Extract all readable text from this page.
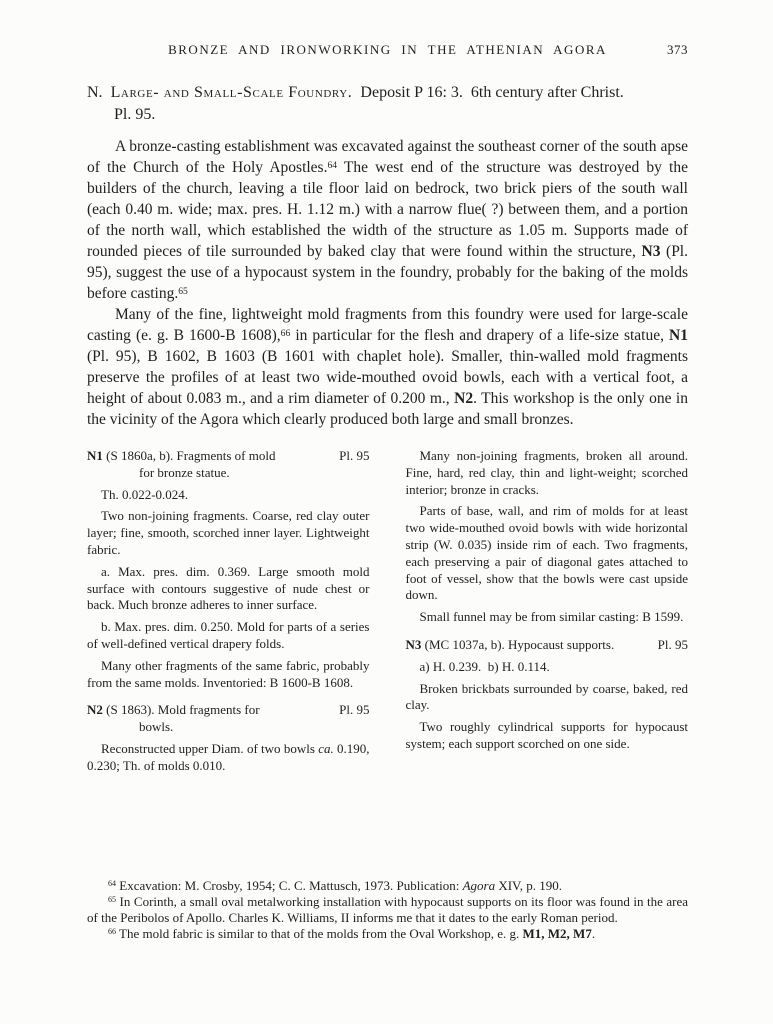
BRONZE AND IRONWORKING IN THE ATHENIAN AGORA	373
N. Large- and Small-Scale Foundry. Deposit P 16: 3. 6th century after Christ.
Pl. 95.

A bronze-casting establishment was excavated against the southeast corner of the south apse of the Church of the Holy Apostles.$^{64}$ The west end of the structure was destroyed by the builders of the church, leaving a tile floor laid on bedrock, two brick piers of the south wall (each 0.40 m. wide; max. pres. H. 1.12 m.) with a narrow flue( ?) between them, and a portion of the north wall, which established the width of the structure as 1.05 m. Supports made of rounded pieces of tile surrounded by baked clay that were found within the structure, N3 (Pl. 95), suggest the use of a hypocaust system in the foundry, probably for the baking of the molds before casting.$^{65}$

Many of the fine, lightweight mold fragments from this foundry were used for large-scale casting (e. g. B 1600-B 1608),$^{66}$ in particular for the flesh and drapery of a life-size statue, N1 (Pl. 95), B 1602, B 1603 (B 1601 with chaplet hole). Smaller, thin-walled mold fragments preserve the profiles of at least two wide-mouthed ovoid bowls, each with a vertical foot, a height of about 0.083 m., and a rim diameter of 0.200 m., N2. This workshop is the only one in the vicinity of the Agora which clearly produced both large and small bronzes.

N1 (S 1860a, b). Fragments of mold	Pl. 95
for bronze statue.

Th. 0.022-0.024.

Two non-joining fragments. Coarse, red clay outer layer; fine, smooth, scorched inner layer. Lightweight fabric.

a. Max. pres. dim. 0.369. Large smooth mold surface with contours suggestive of nude chest or back. Much bronze adheres to inner surface.

b. Max. pres. dim. 0.250. Mold for parts of a series of well-defined vertical drapery folds.

Many other fragments of the same fabric, probably from the same molds. Inventoried: B 1600-B 1608.

N2 (S 1863). Mold fragments for	Pl. 95
bowls.

Reconstructed upper Diam. of two bowls ca. 0.190, 0.230; Th. of molds 0.010.

Many non-joining fragments, broken all around. Fine, hard, red clay, thin and light-weight; scorched interior; bronze in cracks.

Parts of base, wall, and rim of molds for at least two wide-mouthed ovoid bowls with wide horizontal strip (W. 0.035) inside rim of each. Two fragments, each preserving a pair of diagonal gates attached to foot of vessel, show that the bowls were cast upside down.

Small funnel may be from similar casting: B 1599.

N3 (MC 1037a, b). Hypocaust supports.	Pl. 95

a) H. 0.239. b) H. 0.114.

Broken brickbats surrounded by coarse, baked, red clay.

Two roughly cylindrical supports for hypocaust system; each support scorched on one side.

$^{64}$ Excavation: M. Crosby, 1954; C. C. Mattusch, 1973. Publication: Agora XIV, p. 190.

$^{65}$ In Corinth, a small oval metalworking installation with hypocaust supports on its floor was found in the area of the Peribolos of Apollo. Charles K. Williams, II informs me that it dates to the early Roman period.

$^{66}$ The mold fabric is similar to that of the molds from the Oval Workshop, e. g. M1, M2, M7.
